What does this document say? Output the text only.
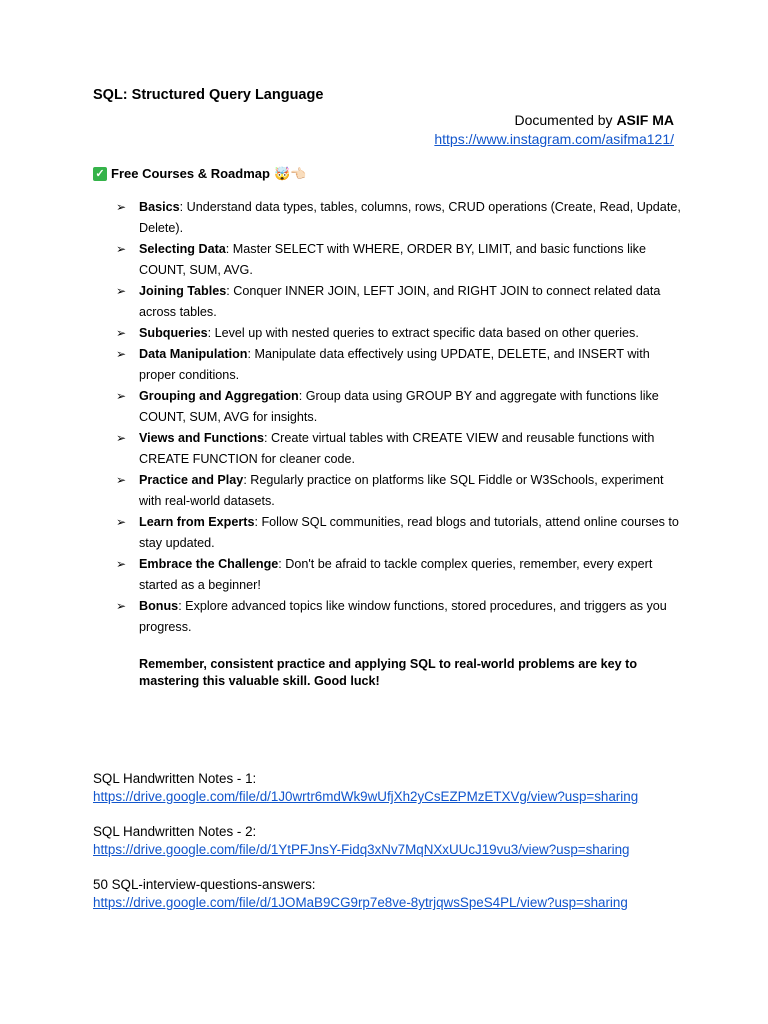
SQL: Structured Query Language
Documented by ASIF MA
https://www.instagram.com/asifma121/
✓ Free Courses & Roadmap 🤯👈🏻
➢ Basics: Understand data types, tables, columns, rows, CRUD operations (Create, Read, Update, Delete).
➢ Selecting Data: Master SELECT with WHERE, ORDER BY, LIMIT, and basic functions like COUNT, SUM, AVG.
➢ Joining Tables: Conquer INNER JOIN, LEFT JOIN, and RIGHT JOIN to connect related data across tables.
➢ Subqueries: Level up with nested queries to extract specific data based on other queries.
➢ Data Manipulation: Manipulate data effectively using UPDATE, DELETE, and INSERT with proper conditions.
➢ Grouping and Aggregation: Group data using GROUP BY and aggregate with functions like COUNT, SUM, AVG for insights.
➢ Views and Functions: Create virtual tables with CREATE VIEW and reusable functions with CREATE FUNCTION for cleaner code.
➢ Practice and Play: Regularly practice on platforms like SQL Fiddle or W3Schools, experiment with real-world datasets.
➢ Learn from Experts: Follow SQL communities, read blogs and tutorials, attend online courses to stay updated.
➢ Embrace the Challenge: Don't be afraid to tackle complex queries, remember, every expert started as a beginner!
➢ Bonus: Explore advanced topics like window functions, stored procedures, and triggers as you progress.
Remember, consistent practice and applying SQL to real-world problems are key to mastering this valuable skill. Good luck!
SQL Handwritten Notes - 1:
https://drive.google.com/file/d/1J0wrtr6mdWk9wUfjXh2yCsEZPMzETXVg/view?usp=sharing
SQL Handwritten Notes - 2:
https://drive.google.com/file/d/1YtPFJnsY-Fidq3xNv7MqNXxUUcJ19vu3/view?usp=sharing
50 SQL-interview-questions-answers:
https://drive.google.com/file/d/1JOMaB9CG9rp7e8ve-8ytrjqwsSpeS4PL/view?usp=sharing
